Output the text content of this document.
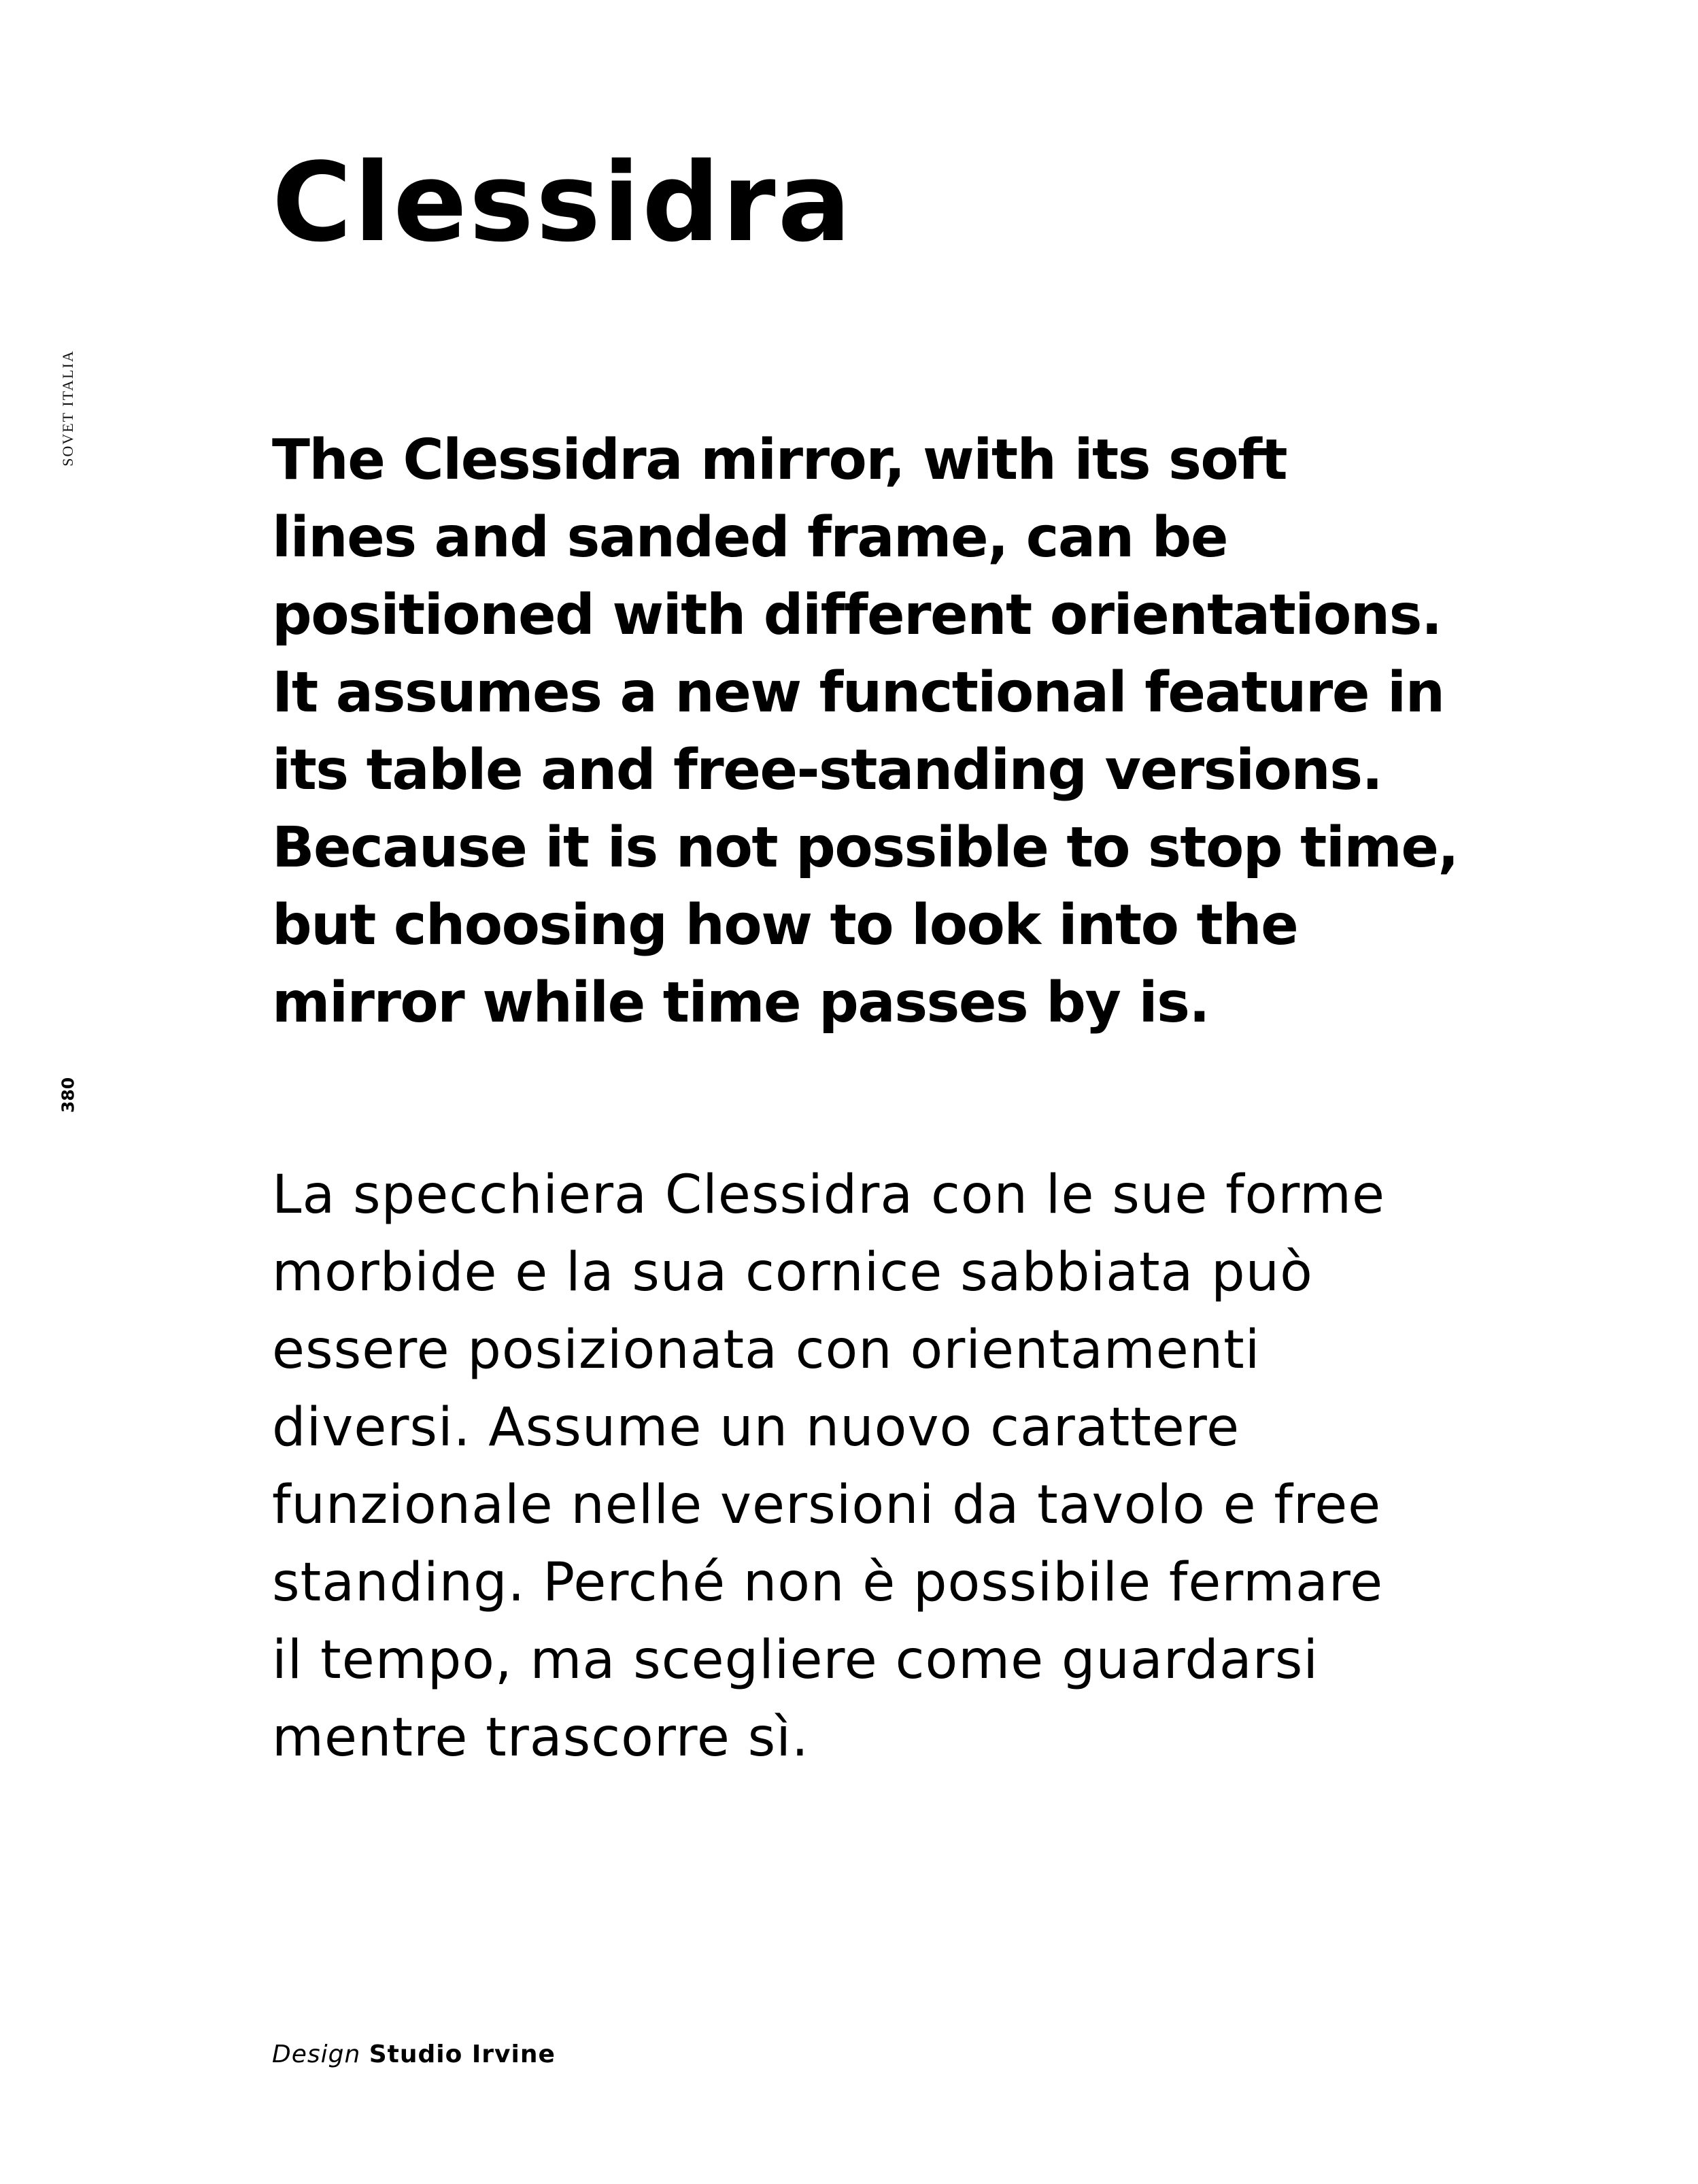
SOVET ITALIA
380
Clessidra
The Clessidra mirror, with its soft
lines and sanded frame, can be
positioned with different orientations.
It assumes a new functional feature in
its table and free-standing versions.
Because it is not possible to stop time,
but choosing how to look into the
mirror while time passes by is.
La specchiera Clessidra con le sue forme
morbide e la sua cornice sabbiata può
essere posizionata con orientamenti
diversi. Assume un nuovo carattere
funzionale nelle versioni da tavolo e free
standing. Perché non è possibile fermare
il tempo, ma scegliere come guardarsi
mentre trascorre sì.
Design Studio Irvine
